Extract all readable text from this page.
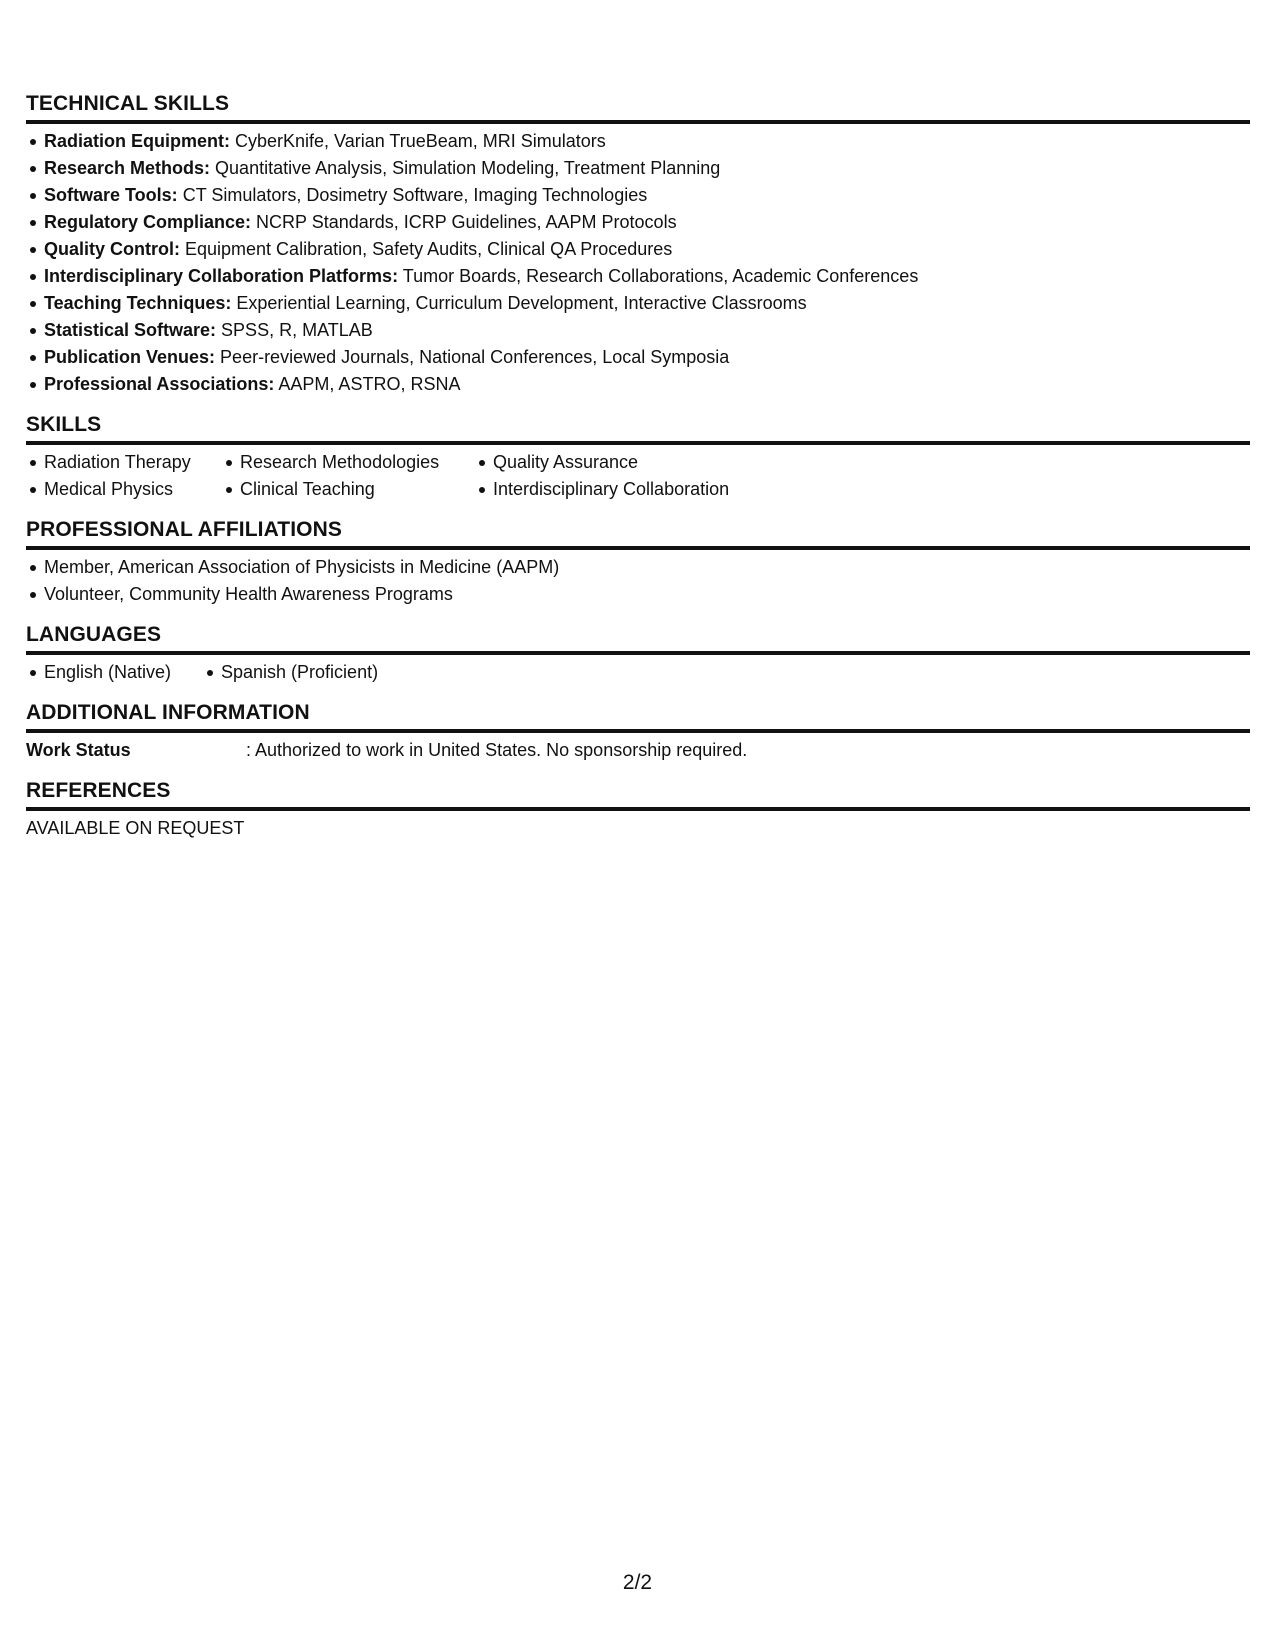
TECHNICAL SKILLS
Radiation Equipment: CyberKnife, Varian TrueBeam, MRI Simulators
Research Methods: Quantitative Analysis, Simulation Modeling, Treatment Planning
Software Tools: CT Simulators, Dosimetry Software, Imaging Technologies
Regulatory Compliance: NCRP Standards, ICRP Guidelines, AAPM Protocols
Quality Control: Equipment Calibration, Safety Audits, Clinical QA Procedures
Interdisciplinary Collaboration Platforms: Tumor Boards, Research Collaborations, Academic Conferences
Teaching Techniques: Experiential Learning, Curriculum Development, Interactive Classrooms
Statistical Software: SPSS, R, MATLAB
Publication Venues: Peer-reviewed Journals, National Conferences, Local Symposia
Professional Associations: AAPM, ASTRO, RSNA
SKILLS
Radiation Therapy
Medical Physics
Research Methodologies
Clinical Teaching
Quality Assurance
Interdisciplinary Collaboration
PROFESSIONAL AFFILIATIONS
Member, American Association of Physicists in Medicine (AAPM)
Volunteer, Community Health Awareness Programs
LANGUAGES
English (Native)	Spanish (Proficient)
ADDITIONAL INFORMATION
Work Status	: Authorized to work in United States. No sponsorship required.
REFERENCES
AVAILABLE ON REQUEST
2/2
